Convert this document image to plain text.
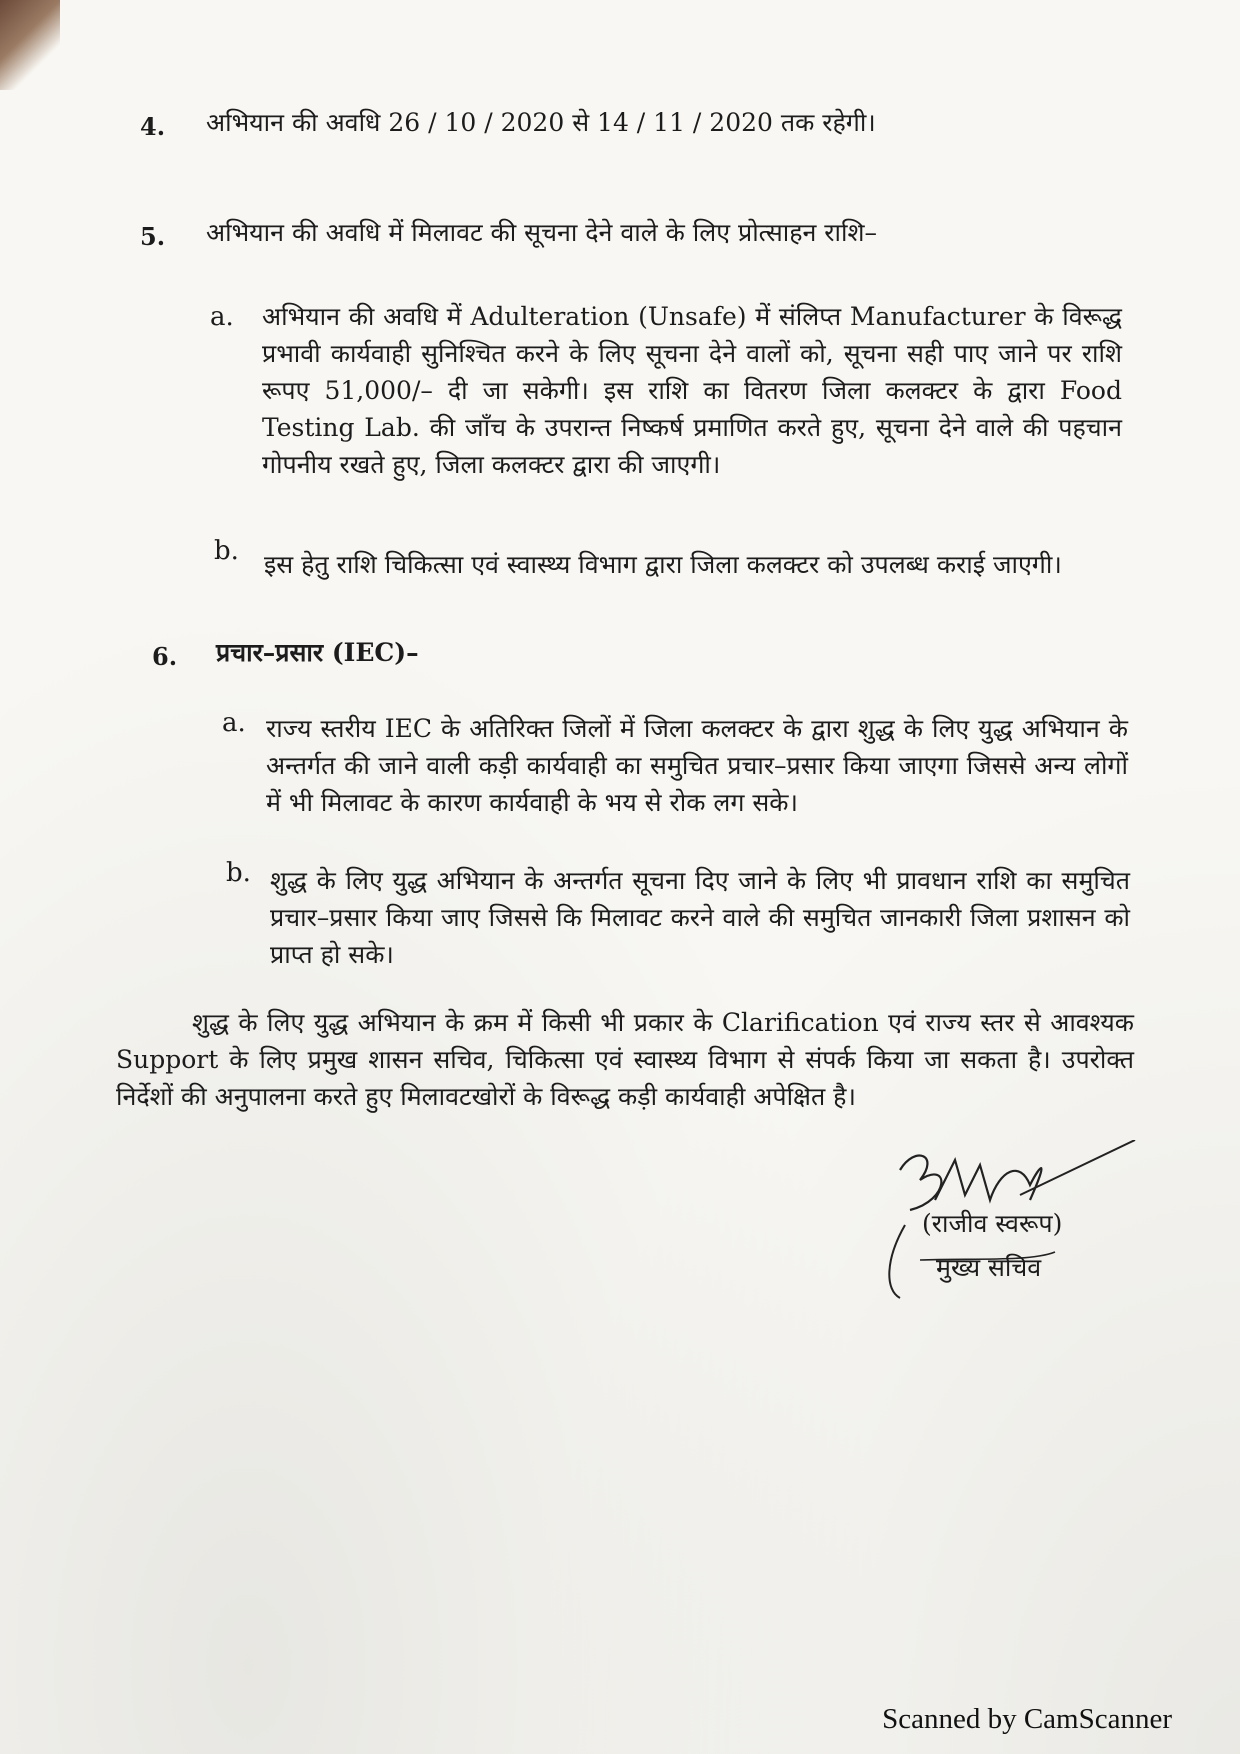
4. अभियान की अवधि 26 / 10 / 2020 से 14 / 11 / 2020 तक रहेगी।
5. अभियान की अवधि में मिलावट की सूचना देने वाले के लिए प्रोत्साहन राशि–
a. अभियान की अवधि में Adulteration (Unsafe) में संलिप्त Manufacturer के विरूद्ध प्रभावी कार्यवाही सुनिश्चित करने के लिए सूचना देने वालों को, सूचना सही पाए जाने पर राशि रूपए 51,000/– दी जा सकेगी। इस राशि का वितरण जिला कलक्टर के द्वारा Food Testing Lab. की जाँच के उपरान्त निष्कर्ष प्रमाणित करते हुए, सूचना देने वाले की पहचान गोपनीय रखते हुए, जिला कलक्टर द्वारा की जाएगी।
b. इस हेतु राशि चिकित्सा एवं स्वास्थ्य विभाग द्वारा जिला कलक्टर को उपलब्ध कराई जाएगी।
6. प्रचार–प्रसार (IEC)–
a. राज्य स्तरीय IEC के अतिरिक्त जिलों में जिला कलक्टर के द्वारा शुद्ध के लिए युद्ध अभियान के अन्तर्गत की जाने वाली कड़ी कार्यवाही का समुचित प्रचार–प्रसार किया जाएगा जिससे अन्य लोगों में भी मिलावट के कारण कार्यवाही के भय से रोक लग सके।
b. शुद्ध के लिए युद्ध अभियान के अन्तर्गत सूचना दिए जाने के लिए भी प्रावधान राशि का समुचित प्रचार–प्रसार किया जाए जिससे कि मिलावट करने वाले की समुचित जानकारी जिला प्रशासन को प्राप्त हो सके।
शुद्ध के लिए युद्ध अभियान के क्रम में किसी भी प्रकार के Clarification एवं राज्य स्तर से आवश्यक Support के लिए प्रमुख शासन सचिव, चिकित्सा एवं स्वास्थ्य विभाग से संपर्क किया जा सकता है। उपरोक्त निर्देशों की अनुपालना करते हुए मिलावटखोरों के विरूद्ध कड़ी कार्यवाही अपेक्षित है।
(राजीव स्वरूप)
मुख्य सचिव
Scanned by CamScanner
